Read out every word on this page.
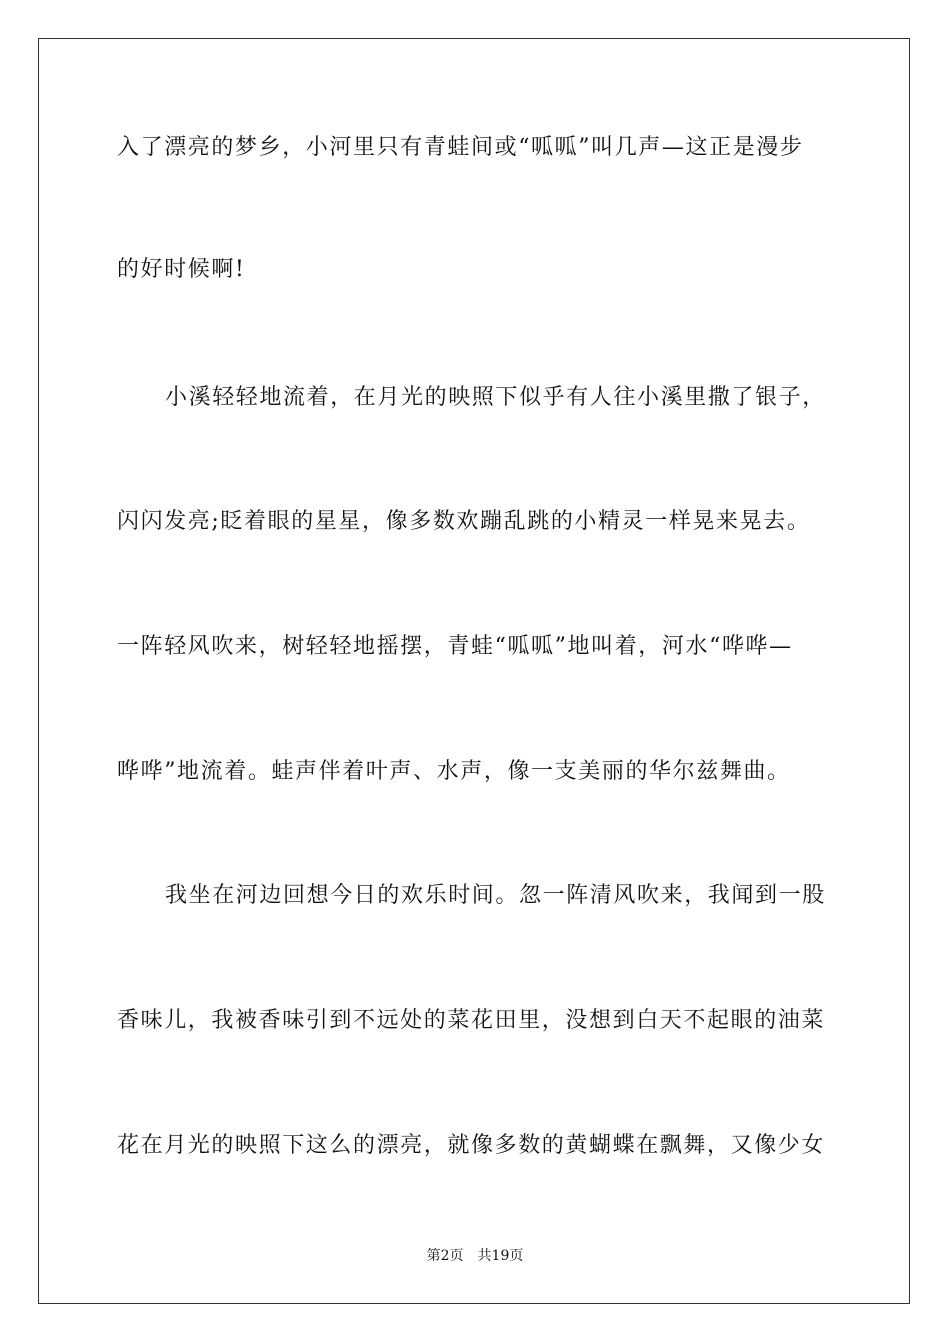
入了漂亮的梦乡，小河里只有青蛙间或“呱呱”叫几声—这正是漫步
的好时候啊!
小溪轻轻地流着，在月光的映照下似乎有人往小溪里撒了银子，
闪闪发亮;眨着眼的星星，像多数欢蹦乱跳的小精灵一样晃来晃去。
一阵轻风吹来，树轻轻地摇摆，青蛙“呱呱”地叫着，河水“哗哗—
哗哗”地流着。蛙声伴着叶声、水声，像一支美丽的华尔兹舞曲。
我坐在河边回想今日的欢乐时间。忽一阵清风吹来，我闻到一股
香味儿，我被香味引到不远处的菜花田里，没想到白天不起眼的油菜
花在月光的映照下这么的漂亮，就像多数的黄蝴蝶在飘舞，又像少女
第2页 共19页
